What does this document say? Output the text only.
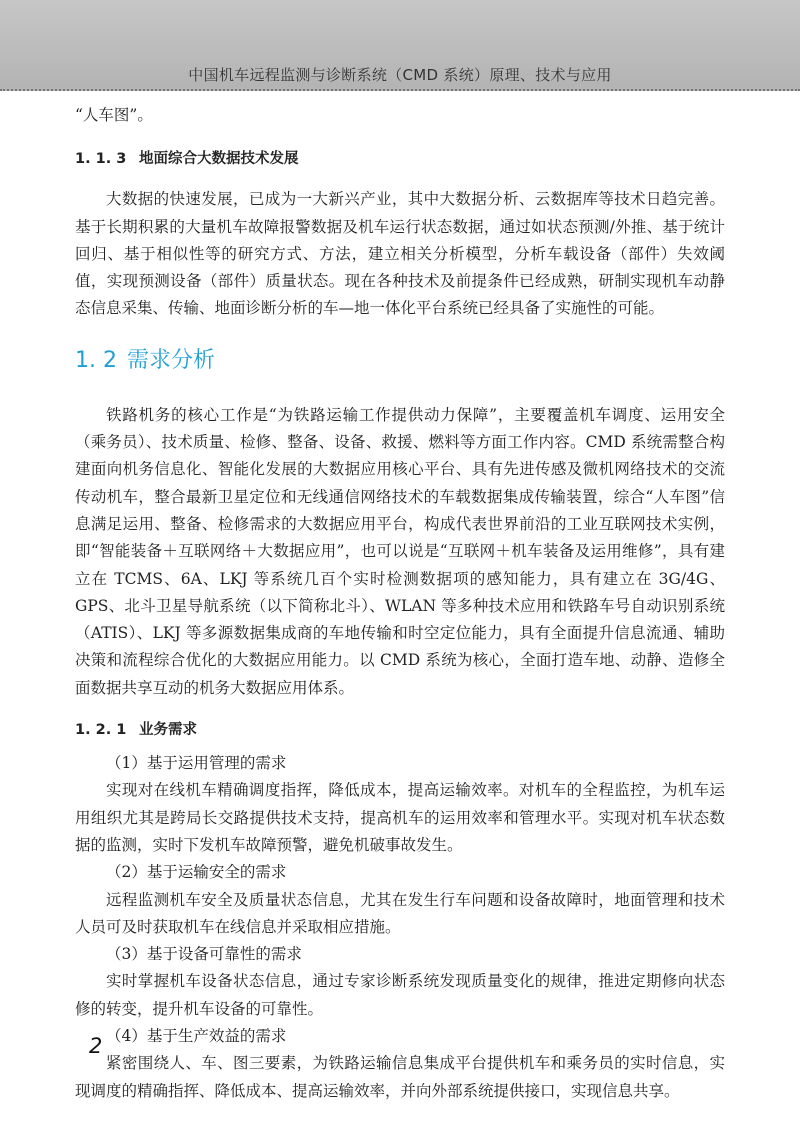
中国机车远程监测与诊断系统（CMD 系统）原理、技术与应用

“人车图”。

1. 1. 3 地面综合大数据技术发展

大数据的快速发展，已成为一大新兴产业，其中大数据分析、云数据库等技术日趋完善。基于长期积累的大量机车故障报警数据及机车运行状态数据，通过如状态预测/外推、基于统计回归、基于相似性等的研究方式、方法，建立相关分析模型，分析车载设备（部件）失效阈值，实现预测设备（部件）质量状态。现在各种技术及前提条件已经成熟，研制实现机车动静态信息采集、传输、地面诊断分析的车—地一体化平台系统已经具备了实施性的可能。

1. 2 需求分析

铁路机务的核心工作是“为铁路运输工作提供动力保障”，主要覆盖机车调度、运用安全（乘务员）、技术质量、检修、整备、设备、救援、燃料等方面工作内容。CMD 系统需整合构建面向机务信息化、智能化发展的大数据应用核心平台、具有先进传感及微机网络技术的交流传动机车，整合最新卫星定位和无线通信网络技术的车载数据集成传输装置，综合“人车图”信息满足运用、整备、检修需求的大数据应用平台，构成代表世界前沿的工业互联网技术实例，即“智能装备＋互联网络＋大数据应用”，也可以说是“互联网＋机车装备及运用维修”，具有建立在 TCMS、6A、LKJ 等系统几百个实时检测数据项的感知能力，具有建立在 3G/4G、GPS、北斗卫星导航系统（以下简称北斗）、WLAN 等多种技术应用和铁路车号自动识别系统（ATIS）、LKJ 等多源数据集成商的车地传输和时空定位能力，具有全面提升信息流通、辅助决策和流程综合优化的大数据应用能力。以 CMD 系统为核心，全面打造车地、动静、造修全面数据共享互动的机务大数据应用体系。

1. 2. 1 业务需求

（1）基于运用管理的需求

实现对在线机车精确调度指挥，降低成本，提高运输效率。对机车的全程监控，为机车运用组织尤其是跨局长交路提供技术支持，提高机车的运用效率和管理水平。实现对机车状态数据的监测，实时下发机车故障预警，避免机破事故发生。

（2）基于运输安全的需求

远程监测机车安全及质量状态信息，尤其在发生行车问题和设备故障时，地面管理和技术人员可及时获取机车在线信息并采取相应措施。

（3）基于设备可靠性的需求

实时掌握机车设备状态信息，通过专家诊断系统发现质量变化的规律，推进定期修向状态修的转变，提升机车设备的可靠性。

（4）基于生产效益的需求

紧密围绕人、车、图三要素，为铁路运输信息集成平台提供机车和乘务员的实时信息，实现调度的精确指挥、降低成本、提高运输效率，并向外部系统提供接口，实现信息共享。

2
